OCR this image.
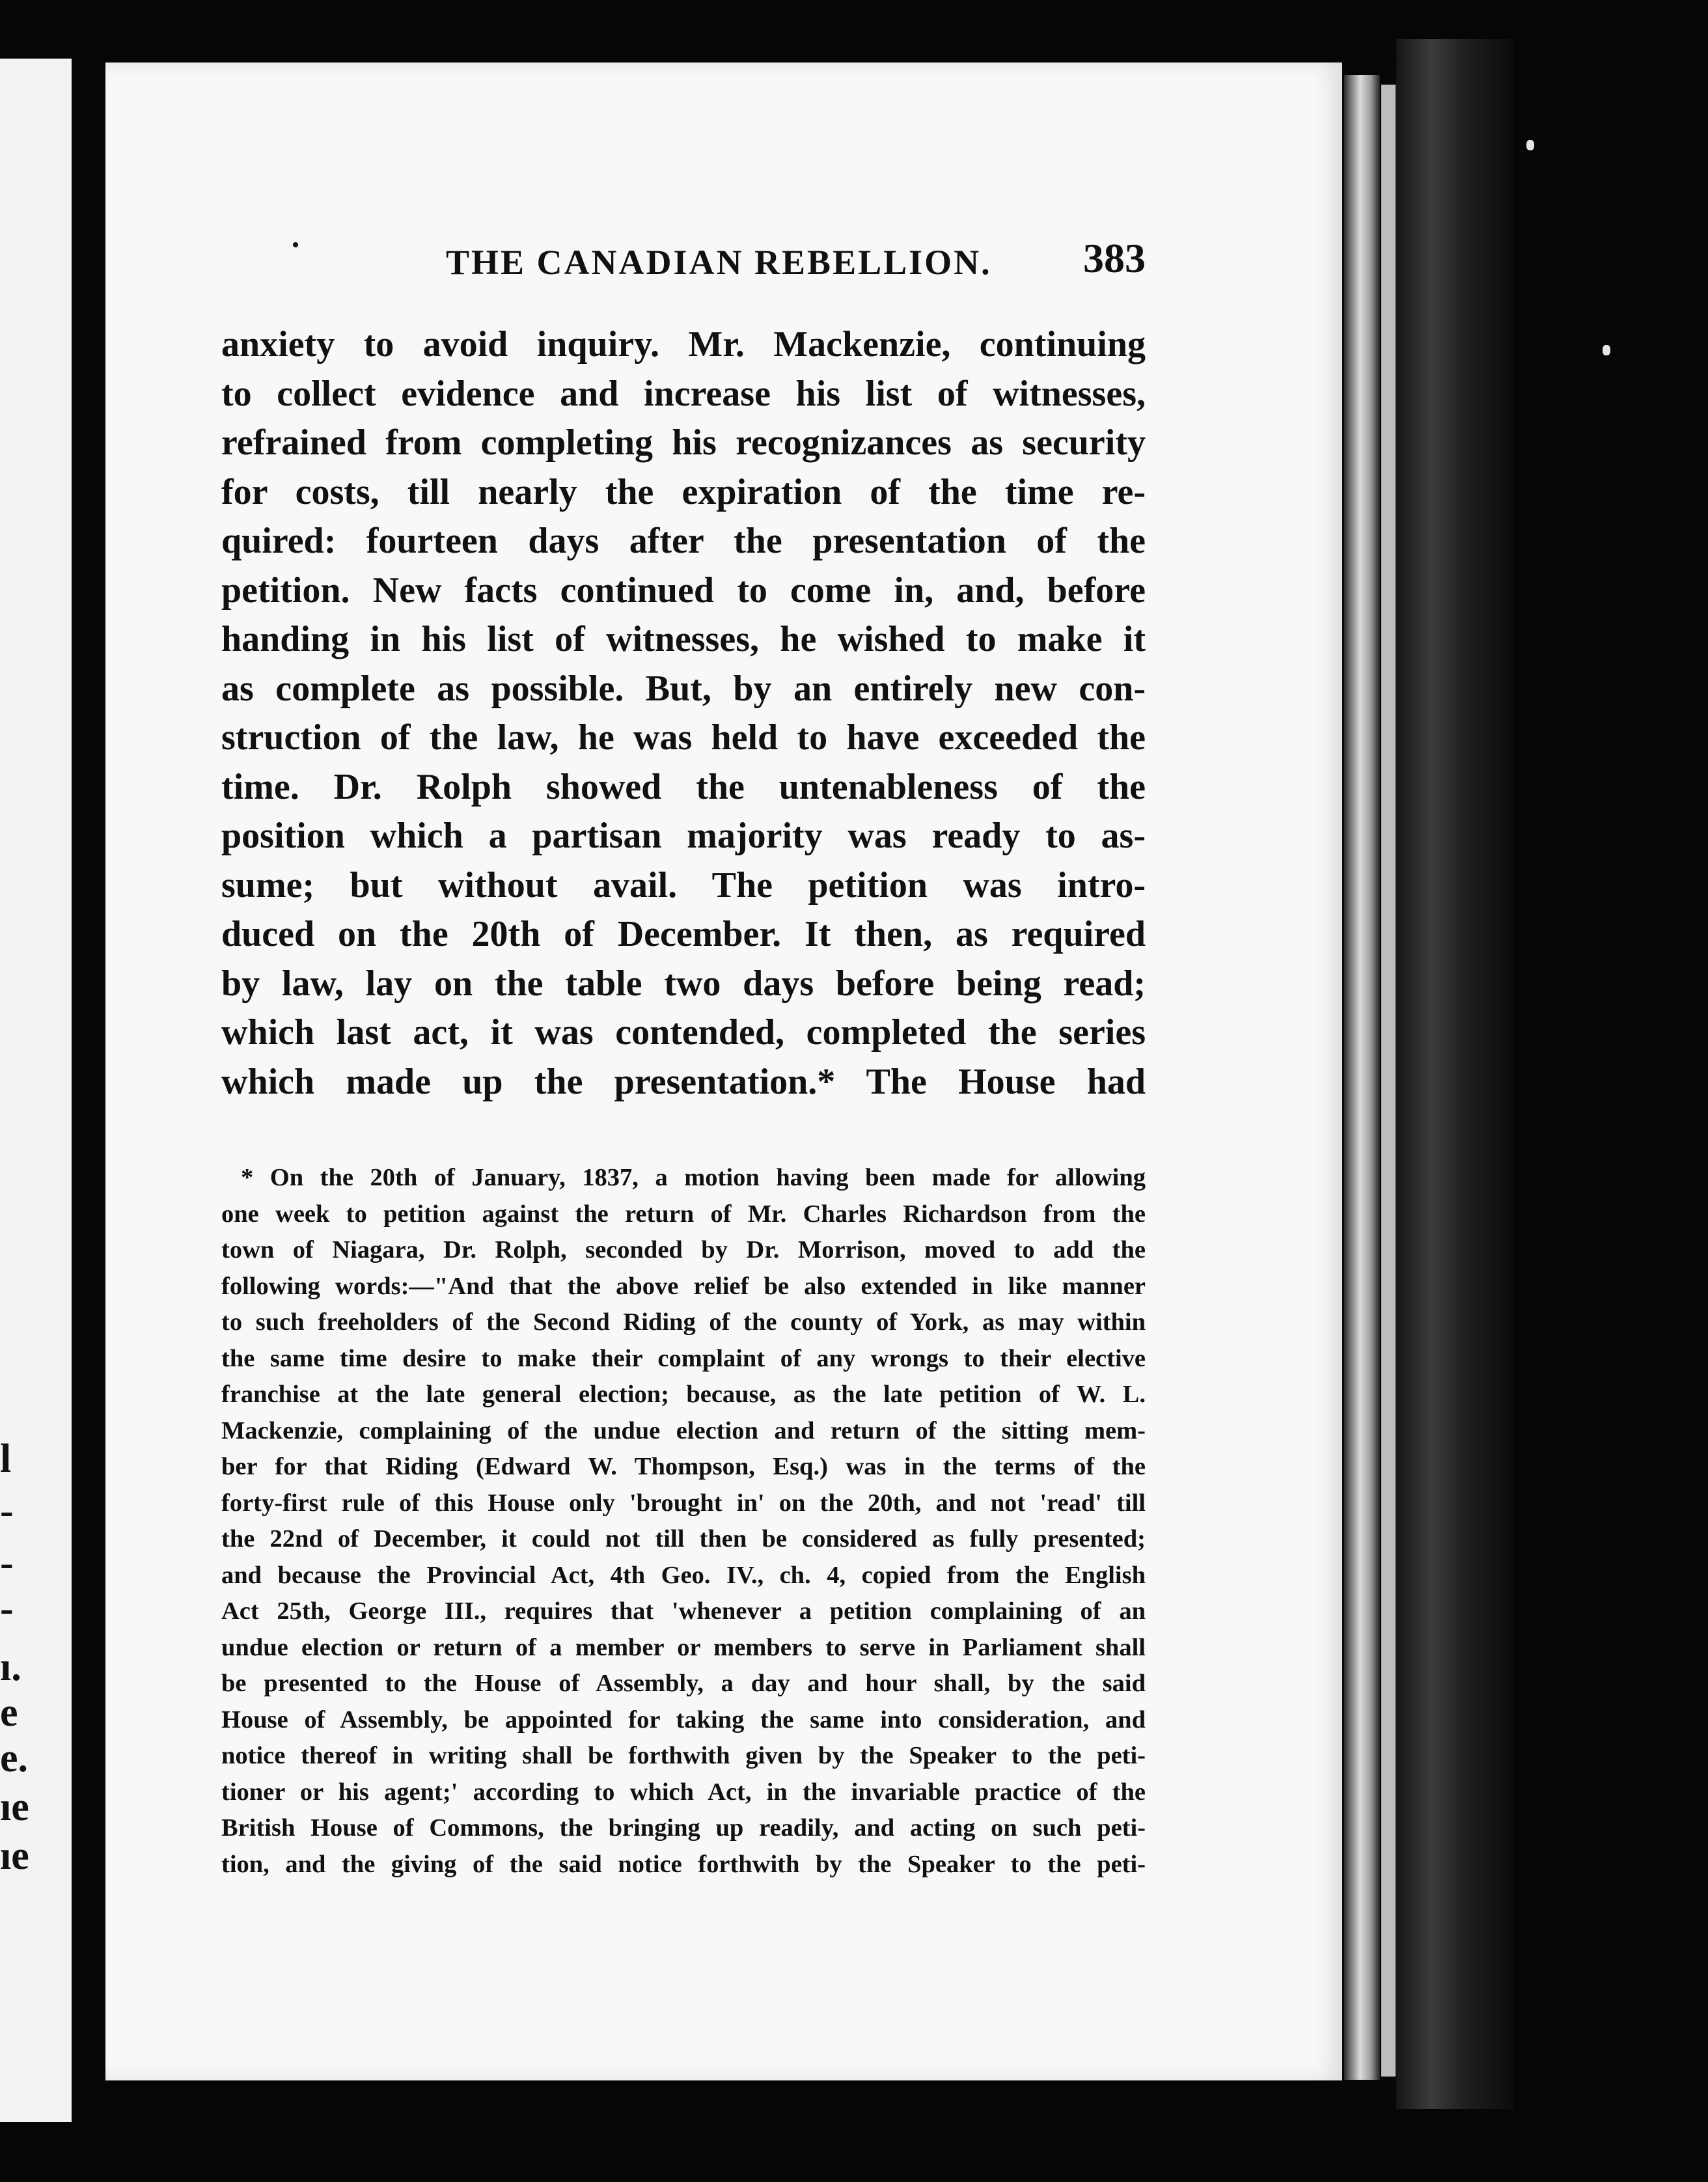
l
-
-
-
ı.
e
e.
ıe
ıe
THE CANADIAN REBELLION. 383
anxiety to avoid inquiry. Mr. Mackenzie, continuing
to collect evidence and increase his list of witnesses,
refrained from completing his recognizances as security
for costs, till nearly the expiration of the time re-
quired: fourteen days after the presentation of the
petition. New facts continued to come in, and, before
handing in his list of witnesses, he wished to make it
as complete as possible. But, by an entirely new con-
struction of the law, he was held to have exceeded the
time. Dr. Rolph showed the untenableness of the
position which a partisan majority was ready to as-
sume; but without avail. The petition was intro-
duced on the 20th of December. It then, as required
by law, lay on the table two days before being read;
which last act, it was contended, completed the series
which made up the presentation.* The House had
* On the 20th of January, 1837, a motion having been made for allowing
one week to petition against the return of Mr. Charles Richardson from the
town of Niagara, Dr. Rolph, seconded by Dr. Morrison, moved to add the
following words:—"And that the above relief be also extended in like manner
to such freeholders of the Second Riding of the county of York, as may within
the same time desire to make their complaint of any wrongs to their elective
franchise at the late general election; because, as the late petition of W. L.
Mackenzie, complaining of the undue election and return of the sitting mem-
ber for that Riding (Edward W. Thompson, Esq.) was in the terms of the
forty-first rule of this House only 'brought in' on the 20th, and not 'read' till
the 22nd of December, it could not till then be considered as fully presented;
and because the Provincial Act, 4th Geo. IV., ch. 4, copied from the English
Act 25th, George III., requires that 'whenever a petition complaining of an
undue election or return of a member or members to serve in Parliament shall
be presented to the House of Assembly, a day and hour shall, by the said
House of Assembly, be appointed for taking the same into consideration, and
notice thereof in writing shall be forthwith given by the Speaker to the peti-
tioner or his agent;' according to which Act, in the invariable practice of the
British House of Commons, the bringing up readily, and acting on such peti-
tion, and the giving of the said notice forthwith by the Speaker to the peti-
